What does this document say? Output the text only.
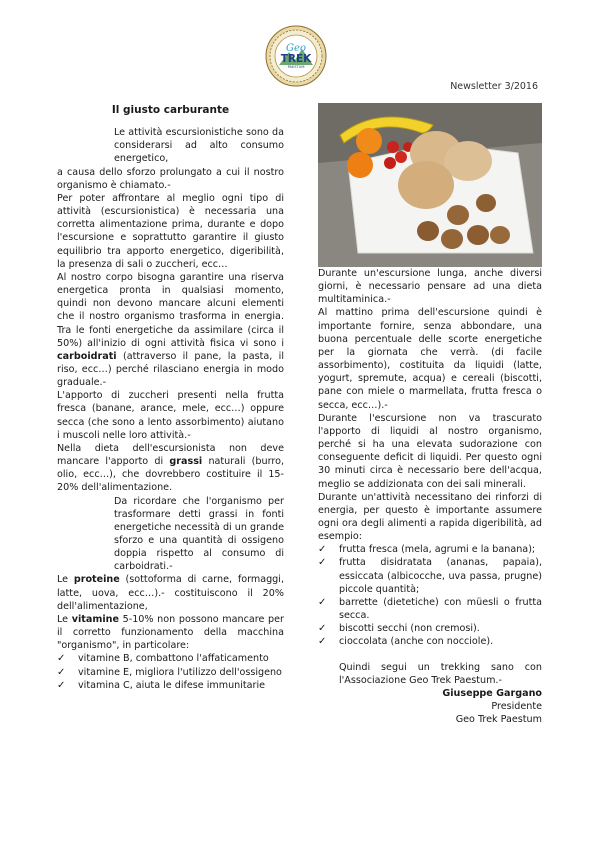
Geo
TREK
PAESTUM
Newsletter 3/2016
Il giusto carburante

Le attività escursionistiche sono da considerarsi ad alto consumo energetico,

a causa dello sforzo prolungato a cui il nostro organismo è chiamato.-

Per poter affrontare al meglio ogni tipo di attività (escursionistica) è necessaria una corretta alimentazione prima, durante e dopo l'escursione e soprattutto garantire il giusto equilibrio tra apporto energetico, digeribilità, la presenza di sali o zuccheri, ecc…

Al nostro corpo bisogna garantire una riserva energetica pronta in qualsiasi momento, quindi non devono mancare alcuni elementi che il nostro organismo trasforma in energia. Tra le fonti energetiche da assimilare (circa il 50%) all'inizio di ogni attività fisica vi sono i carboidrati (attraverso il pane, la pasta, il riso, ecc…) perché rilasciano energia in modo graduale.-

L'apporto di zuccheri presenti nella frutta fresca (banane, arance, mele, ecc…) oppure secca (che sono a lento assorbimento) aiutano i muscoli nelle loro attività.-

Nella dieta dell'escursionista non deve mancare l'apporto di grassi naturali (burro, olio, ecc…), che dovrebbero costituire il 15-20% dell'alimentazione.

Da ricordare che l'organismo per trasformare detti grassi in fonti energetiche necessità di un grande sforzo e una quantità di ossigeno doppia rispetto al consumo di carboidrati.-

Le proteine (sottoforma di carne, formaggi, latte, uova, ecc…).- costituiscono il 20% dell'alimentazione,

Le vitamine 5-10% non possono mancare per il corretto funzionamento della macchina "organismo", in particolare:

✓ vitamine B, combattono l'affaticamento
✓ vitamine E, migliora l'utilizzo dell'ossigeno
✓ vitamina C, aiuta le difese immunitarie

Durante un'escursione lunga, anche diversi giorni, è necessario pensare ad una dieta multitaminica.-

Al mattino prima dell'escursione quindi è importante fornire, senza abbondare, una buona percentuale delle scorte energetiche per la giornata che verrà. (di facile assorbimento), costituita da liquidi (latte, yogurt, spremute, acqua) e cereali (biscotti, pane con miele o marmellata, frutta fresca o secca, ecc…).-

Durante l'escursione non va trascurato l'apporto di liquidi al nostro organismo, perché si ha una elevata sudorazione con conseguente deficit di liquidi. Per questo ogni 30 minuti circa è necessario bere dell'acqua, meglio se addizionata con dei sali minerali.

Durante un'attività necessitano dei rinforzi di energia, per questo è importante assumere ogni ora degli alimenti a rapida digeribilità, ad esempio:

✓ frutta fresca (mela, agrumi e la banana);
✓ frutta disidratata (ananas, papaia), essiccata (albicocche, uva passa, prugne) piccole quantità;
✓ barrette (dietetiche) con müesli o frutta secca.
✓ biscotti secchi (non cremosi).
✓ cioccolata (anche con nocciole).

Quindi segui un trekking sano con l'Associazione Geo Trek Paestum.-

Giuseppe Gargano
Presidente
Geo Trek Paestum
